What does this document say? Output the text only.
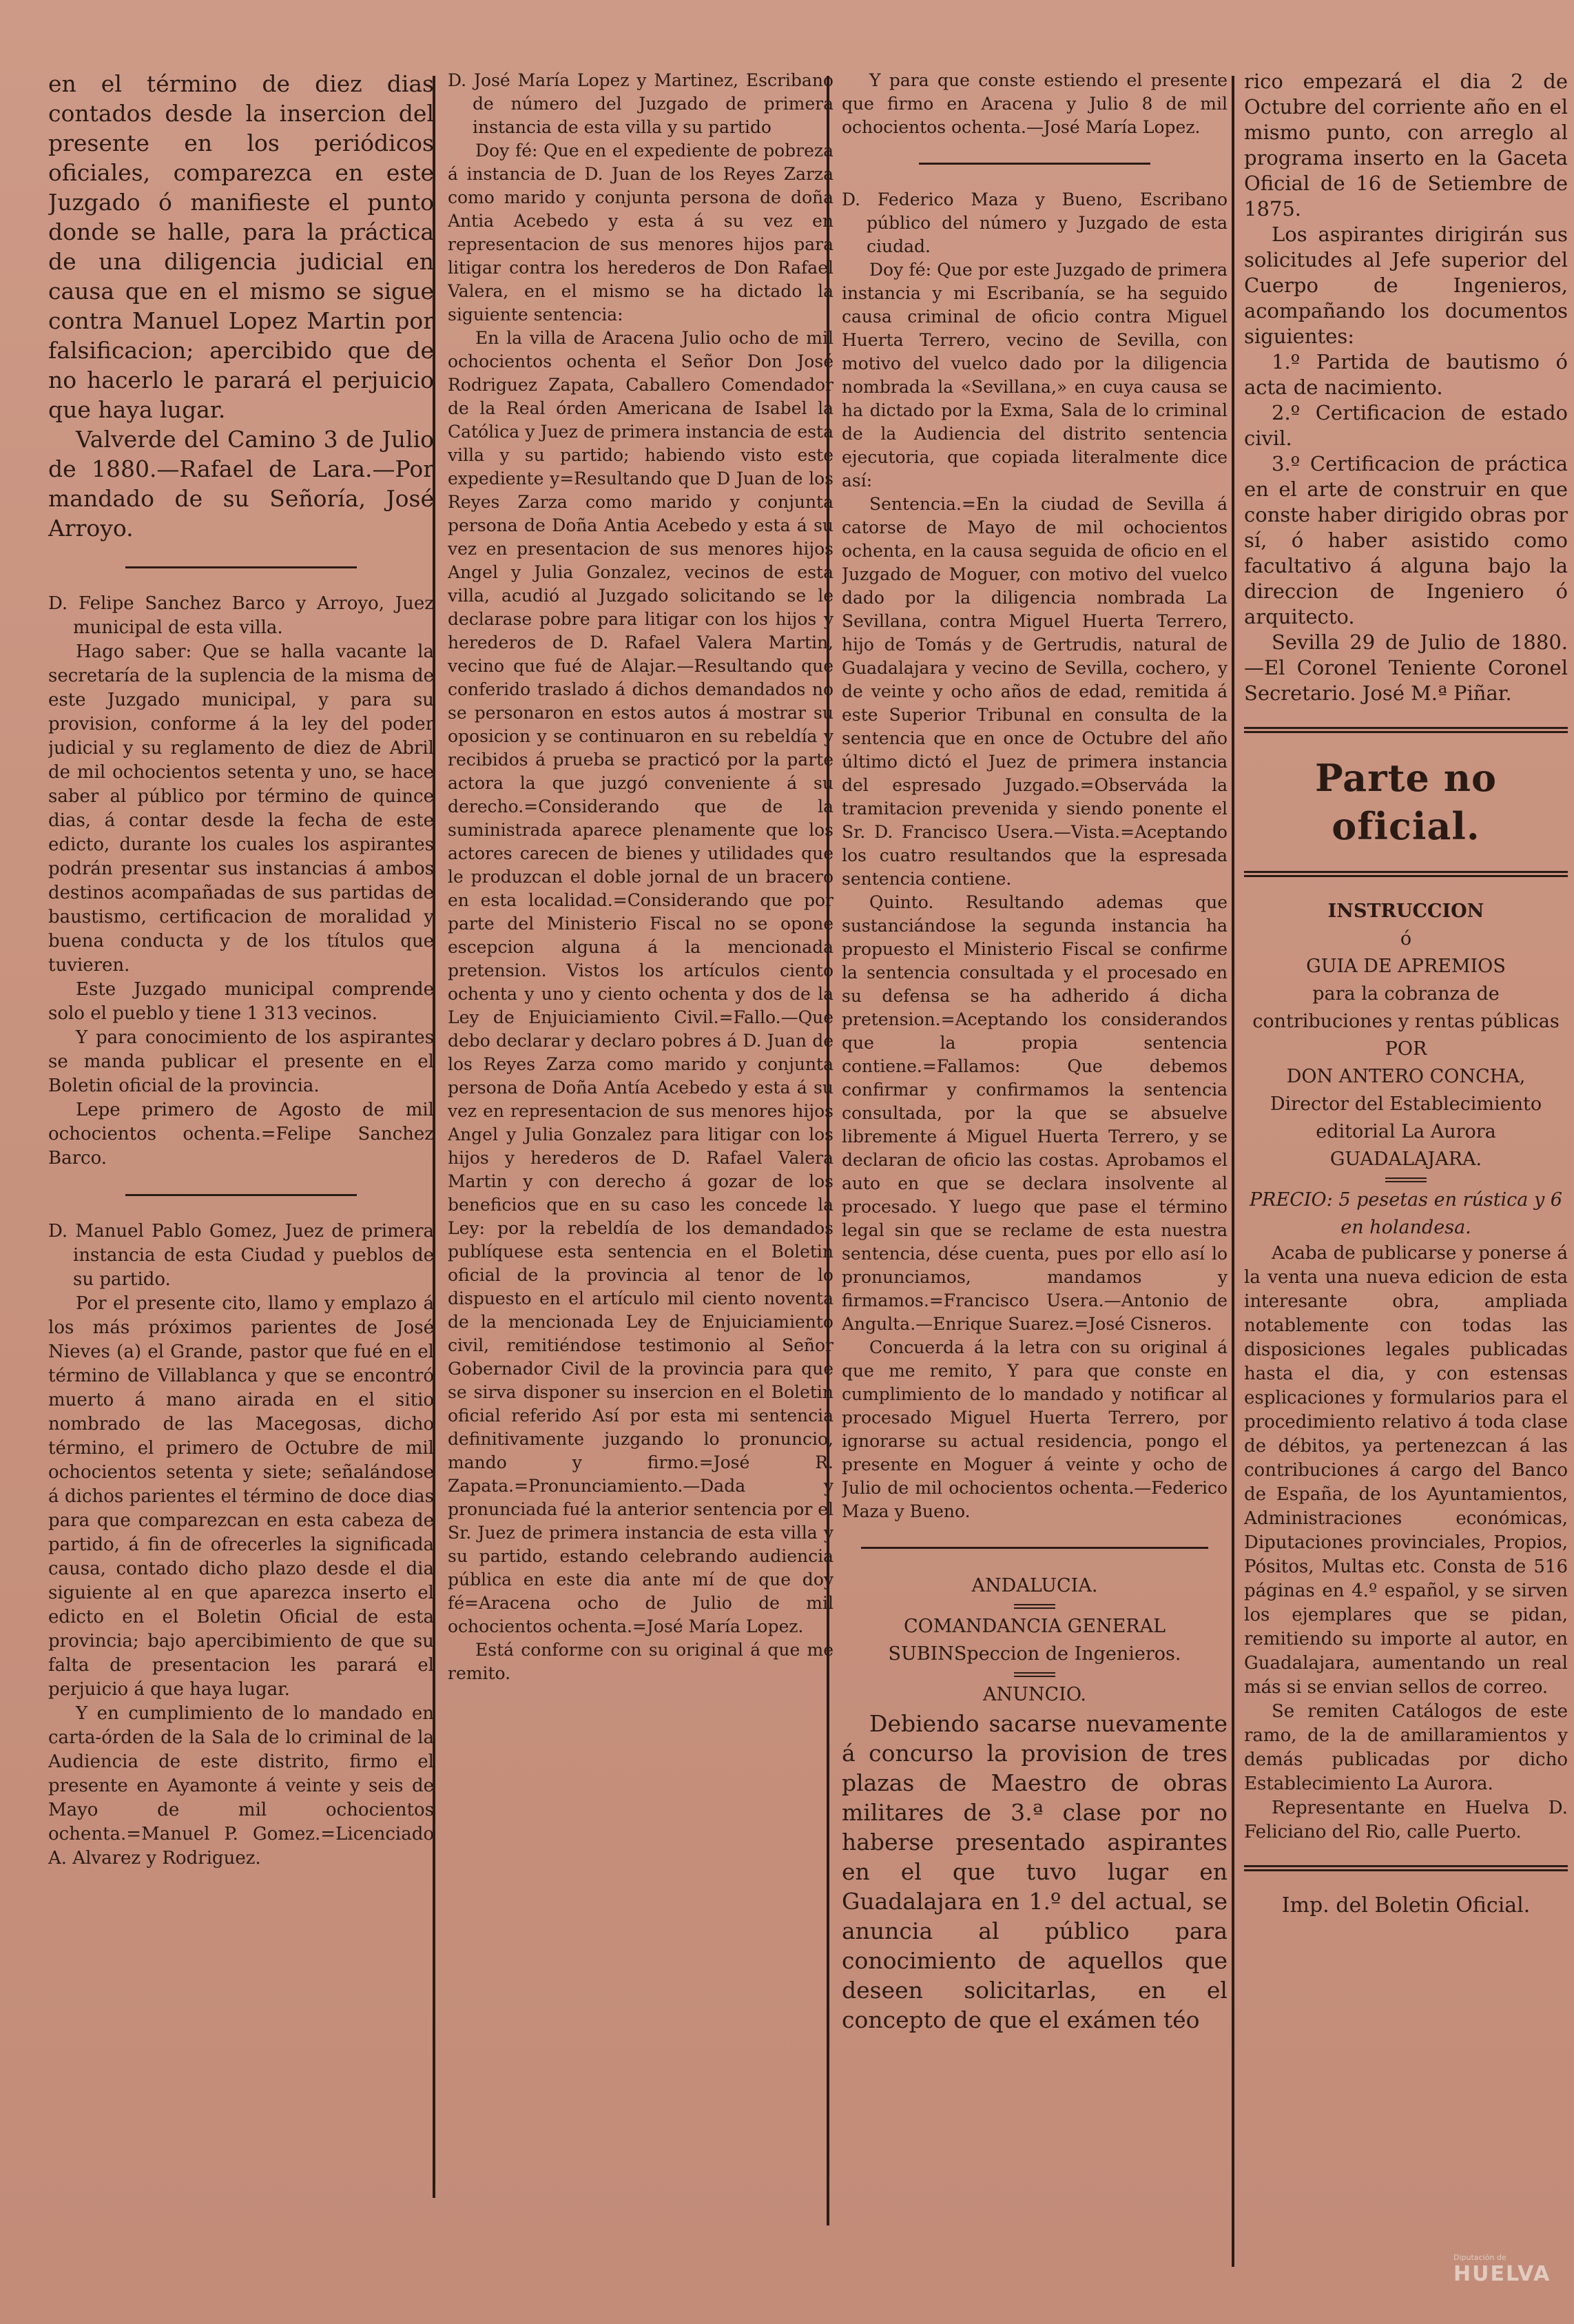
en el término de diez dias contados desde la insercion del presente en los periódicos oficiales, comparezca en este Juzgado ó manifieste el punto donde se halle, para la práctica de una diligencia judicial en causa que en el mismo se sigue contra Manuel Lopez Martin por falsificacion; apercibido que de no hacerlo le parará el perjuicio que haya lugar.

Valverde del Camino 3 de Julio de 1880.—Rafael de Lara.—Por mandado de su Señoría, José Arroyo.

D. Felipe Sanchez Barco y Arroyo, Juez municipal de esta villa.

Hago saber: Que se halla vacante la secretaría de la suplencia de la misma de este Juzgado municipal, y para su provision, conforme á la ley del poder judicial y su reglamento de diez de Abril de mil ochocientos setenta y uno, se hace saber al público por término de quince dias, á contar desde la fecha de este edicto, durante los cuales los aspirantes podrán presentar sus instancias á ambos destinos acompañadas de sus partidas de baustismo, certificacion de moralidad y buena conducta y de los títulos que tuvieren.

Este Juzgado municipal comprende solo el pueblo y tiene 1 313 vecinos.

Y para conocimiento de los aspirantes se manda publicar el presente en el Boletin oficial de la provincia.

Lepe primero de Agosto de mil ochocientos ochenta.=Felipe Sanchez Barco.

D. Manuel Pablo Gomez, Juez de primera instancia de esta Ciudad y pueblos de su partido.

Por el presente cito, llamo y emplazo á los más próximos parientes de José Nieves (a) el Grande, pastor que fué en el término de Villablanca y que se encontró muerto á mano airada en el sitio nombrado de las Macegosas, dicho término, el primero de Octubre de mil ochocientos setenta y siete; señalándose á dichos parientes el término de doce dias para que comparezcan en esta cabeza de partido, á fin de ofrecerles la significada causa, contado dicho plazo desde el dia siguiente al en que aparezca inserto el edicto en el Boletin Oficial de esta provincia; bajo apercibimiento de que su falta de presentacion les parará el perjuicio á que haya lugar.

Y en cumplimiento de lo mandado en carta-órden de la Sala de lo criminal de la Audiencia de este distrito, firmo el presente en Ayamonte á veinte y seis de Mayo de mil ochocientos ochenta.=Manuel P. Gomez.=Licenciado A. Alvarez y Rodriguez.

D. José María Lopez y Martinez, Escribano de número del Juzgado de primera instancia de esta villa y su partido

Doy fé: Que en el expediente de pobreza á instancia de D. Juan de los Reyes Zarza como marido y conjunta persona de doña Antia Acebedo y esta á su vez en representacion de sus menores hijos para litigar contra los herederos de Don Rafael Valera, en el mismo se ha dictado la siguiente sentencia:

En la villa de Aracena Julio ocho de mil ochocientos ochenta el Señor Don José Rodriguez Zapata, Caballero Comendador de la Real órden Americana de Isabel la Católica y Juez de primera instancia de esta villa y su partido; habiendo visto este expediente y=Resultando que D Juan de los Reyes Zarza como marido y conjunta persona de Doña Antia Acebedo y esta á su vez en presentacion de sus menores hijos Angel y Julia Gonzalez, vecinos de esta villa, acudió al Juzgado solicitando se le declarase pobre para litigar con los hijos y herederos de D. Rafael Valera Martin, vecino que fué de Alajar.—Resultando que conferido traslado á dichos demandados no se personaron en estos autos á mostrar su oposicion y se continuaron en su rebeldía y recibidos á prueba se practicó por la parte actora la que juzgó conveniente á su derecho.=Considerando que de la suministrada aparece plenamente que los actores carecen de bienes y utilidades que le produzcan el doble jornal de un bracero en esta localidad.=Considerando que por parte del Ministerio Fiscal no se opone escepcion alguna á la mencionada pretension. Vistos los artículos ciento ochenta y uno y ciento ochenta y dos de la Ley de Enjuiciamiento Civil.=Fallo.—Que debo declarar y declaro pobres á D. Juan de los Reyes Zarza como marido y conjunta persona de Doña Antía Acebedo y esta á su vez en representacion de sus menores hijos Angel y Julia Gonzalez para litigar con los hijos y herederos de D. Rafael Valera Martin y con derecho á gozar de los beneficios que en su caso les concede la Ley: por la rebeldía de los demandados publíquese esta sentencia en el Boletin oficial de la provincia al tenor de lo dispuesto en el artículo mil ciento noventa de la mencionada Ley de Enjuiciamiento civil, remitiéndose testimonio al Señor Gobernador Civil de la provincia para que se sirva disponer su insercion en el Boletin oficial referido Así por esta mi sentencia definitivamente juzgando lo pronuncio, mando y firmo.=José R. Zapata.=Pronunciamiento.—Dada y pronunciada fué la anterior sentencia por el Sr. Juez de primera instancia de esta villa y su partido, estando celebrando audiencia pública en este dia ante mí de que doy fé=Aracena ocho de Julio de mil ochocientos ochenta.=José María Lopez.

Está conforme con su original á que me remito.

Y para que conste estiendo el presente que firmo en Aracena y Julio 8 de mil ochocientos ochenta.—José María Lopez.

D. Federico Maza y Bueno, Escribano público del número y Juzgado de esta ciudad.

Doy fé: Que por este Juzgado de primera instancia y mi Escribanía, se ha seguido causa criminal de oficio contra Miguel Huerta Terrero, vecino de Sevilla, con motivo del vuelco dado por la diligencia nombrada la «Sevillana,» en cuya causa se ha dictado por la Exma, Sala de lo criminal de la Audiencia del distrito sentencia ejecutoria, que copiada literalmente dice así:

Sentencia.=En la ciudad de Sevilla á catorse de Mayo de mil ochocientos ochenta, en la causa seguida de oficio en el Juzgado de Moguer, con motivo del vuelco dado por la diligencia nombrada La Sevillana, contra Miguel Huerta Terrero, hijo de Tomás y de Gertrudis, natural de Guadalajara y vecino de Sevilla, cochero, y de veinte y ocho años de edad, remitida á este Superior Tribunal en consulta de la sentencia que en once de Octubre del año último dictó el Juez de primera instancia del espresado Juzgado.=Observáda la tramitacion prevenida y siendo ponente el Sr. D. Francisco Usera.—Vista.=Aceptando los cuatro resultandos que la espresada sentencia contiene.

Quinto. Resultando ademas que sustanciándose la segunda instancia ha propuesto el Ministerio Fiscal se confirme la sentencia consultada y el procesado en su defensa se ha adherido á dicha pretension.=Aceptando los considerandos que la propia sentencia contiene.=Fallamos: Que debemos confirmar y confirmamos la sentencia consultada, por la que se absuelve libremente á Miguel Huerta Terrero, y se declaran de oficio las costas. Aprobamos el auto en que se declara insolvente al procesado. Y luego que pase el término legal sin que se reclame de esta nuestra sentencia, dése cuenta, pues por ello así lo pronunciamos, mandamos y firmamos.=Francisco Usera.—Antonio de Angulta.—Enrique Suarez.=José Cisneros.

Concuerda á la letra con su original á que me remito, Y para que conste en cumplimiento de lo mandado y notificar al procesado Miguel Huerta Terrero, por ignorarse su actual residencia, pongo el presente en Moguer á veinte y ocho de Julio de mil ochocientos ochenta.—Federico Maza y Bueno.

ANDALUCIA.

COMANDANCIA GENERAL SUBINSpeccion de Ingenieros.

ANUNCIO.

Debiendo sacarse nuevamente á concurso la provision de tres plazas de Maestro de obras militares de 3.ª clase por no haberse presentado aspirantes en el que tuvo lugar en Guadalajara en 1.º del actual, se anuncia al público para conocimiento de aquellos que deseen solicitarlas, en el concepto de que el exámen téo

rico empezará el dia 2 de Octubre del corriente año en el mismo punto, con arreglo al programa inserto en la Gaceta Oficial de 16 de Setiembre de 1875.

Los aspirantes dirigirán sus solicitudes al Jefe superior del Cuerpo de Ingenieros, acompañando los documentos siguientes:

1.º Partida de bautismo ó acta de nacimiento.

2.º Certificacion de estado civil.

3.º Certificacion de práctica en el arte de construir en que conste haber dirigido obras por sí, ó haber asistido como facultativo á alguna bajo la direccion de Ingeniero ó arquitecto.

Sevilla 29 de Julio de 1880.—El Coronel Teniente Coronel Secretario. José M.ª Piñar.

Parte no oficial.

INSTRUCCION

ó

GUIA DE APREMIOS

para la cobranza de contribuciones y rentas públicas

POR

DON ANTERO CONCHA,

Director del Establecimiento editorial La Aurora

GUADALAJARA.

PRECIO: 5 pesetas en rústica y 6 en holandesa.

Acaba de publicarse y ponerse á la venta una nueva edicion de esta interesante obra, ampliada notablemente con todas las disposiciones legales publicadas hasta el dia, y con estensas esplicaciones y formularios para el procedimiento relativo á toda clase de débitos, ya pertenezcan á las contribuciones á cargo del Banco de España, de los Ayuntamientos, Administraciones económicas, Diputaciones provinciales, Propios, Pósitos, Multas etc. Consta de 516 páginas en 4.º español, y se sirven los ejemplares que se pidan, remitiendo su importe al autor, en Guadalajara, aumentando un real más si se envian sellos de correo.

Se remiten Catálogos de este ramo, de la de amillaramientos y demás publicadas por dicho Establecimiento La Aurora.

Representante en Huelva D. Feliciano del Rio, calle Puerto.

Imp. del Boletin Oficial.

Diputación de
HUELVA
